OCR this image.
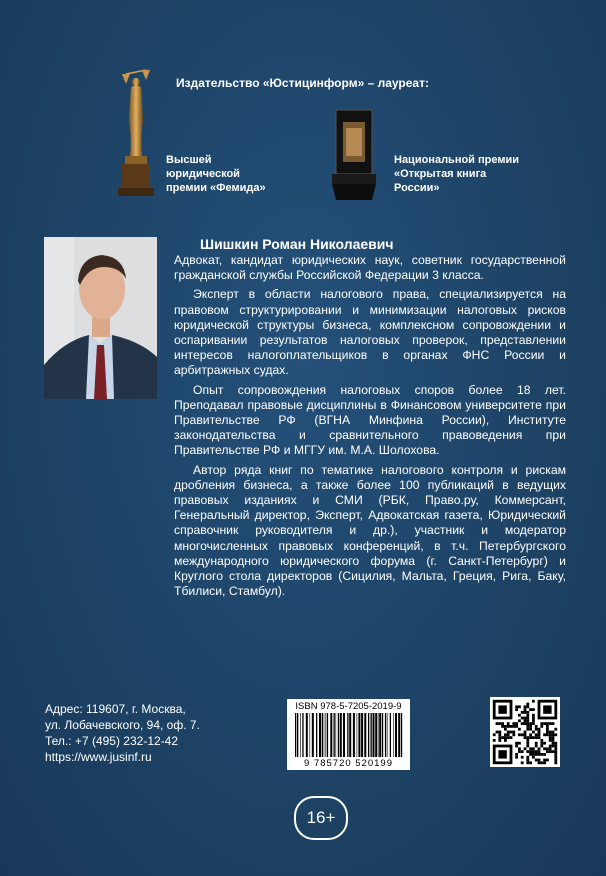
Издательство «Юстицинформ» – лауреат:
Высшей
юридической
премии «Фемида»
Национальной премии
«Открытая книга
России»
Шишкин Роман Николаевич

Адвокат, кандидат юридических наук, советник государственной гражданской службы Российской Федерации 3 класса.

Эксперт в области налогового права, специализируется на правовом структурировании и минимизации налоговых рисков юридической структуры бизнеса, комплексном сопровождении и оспаривании результатов налоговых проверок, представлении интересов налогоплательщиков в органах ФНС России и арбитражных судах.

Опыт сопровождения налоговых споров более 18 лет. Преподавал правовые дисциплины в Финансовом университете при Правительстве РФ (ВГНА Минфина России), Институте законодательства и сравнительного правоведения при Правительстве РФ и МГГУ им. М.А. Шолохова.

Автор ряда книг по тематике налогового контроля и рискам дробления бизнеса, а также более 100 публикаций в ведущих правовых изданиях и СМИ (РБК, Право.ру, Коммерсант, Генеральный директор, Эксперт, Адвокатская газета, Юридический справочник руководителя и др.), участник и модератор многочисленных правовых конференций, в т.ч. Петербургского международного юридического форума (г. Санкт-Петербург) и Круглого стола директоров (Сицилия, Мальта, Греция, Рига, Баку, Тбилиси, Стамбул).

Адрес: 119607, г. Москва,
ул. Лобачевского, 94, оф. 7.
Тел.: +7 (495) 232-12-42
https://www.jusinf.ru
ISBN 978-5-7205-2019-9
9 785720 520199
16+
